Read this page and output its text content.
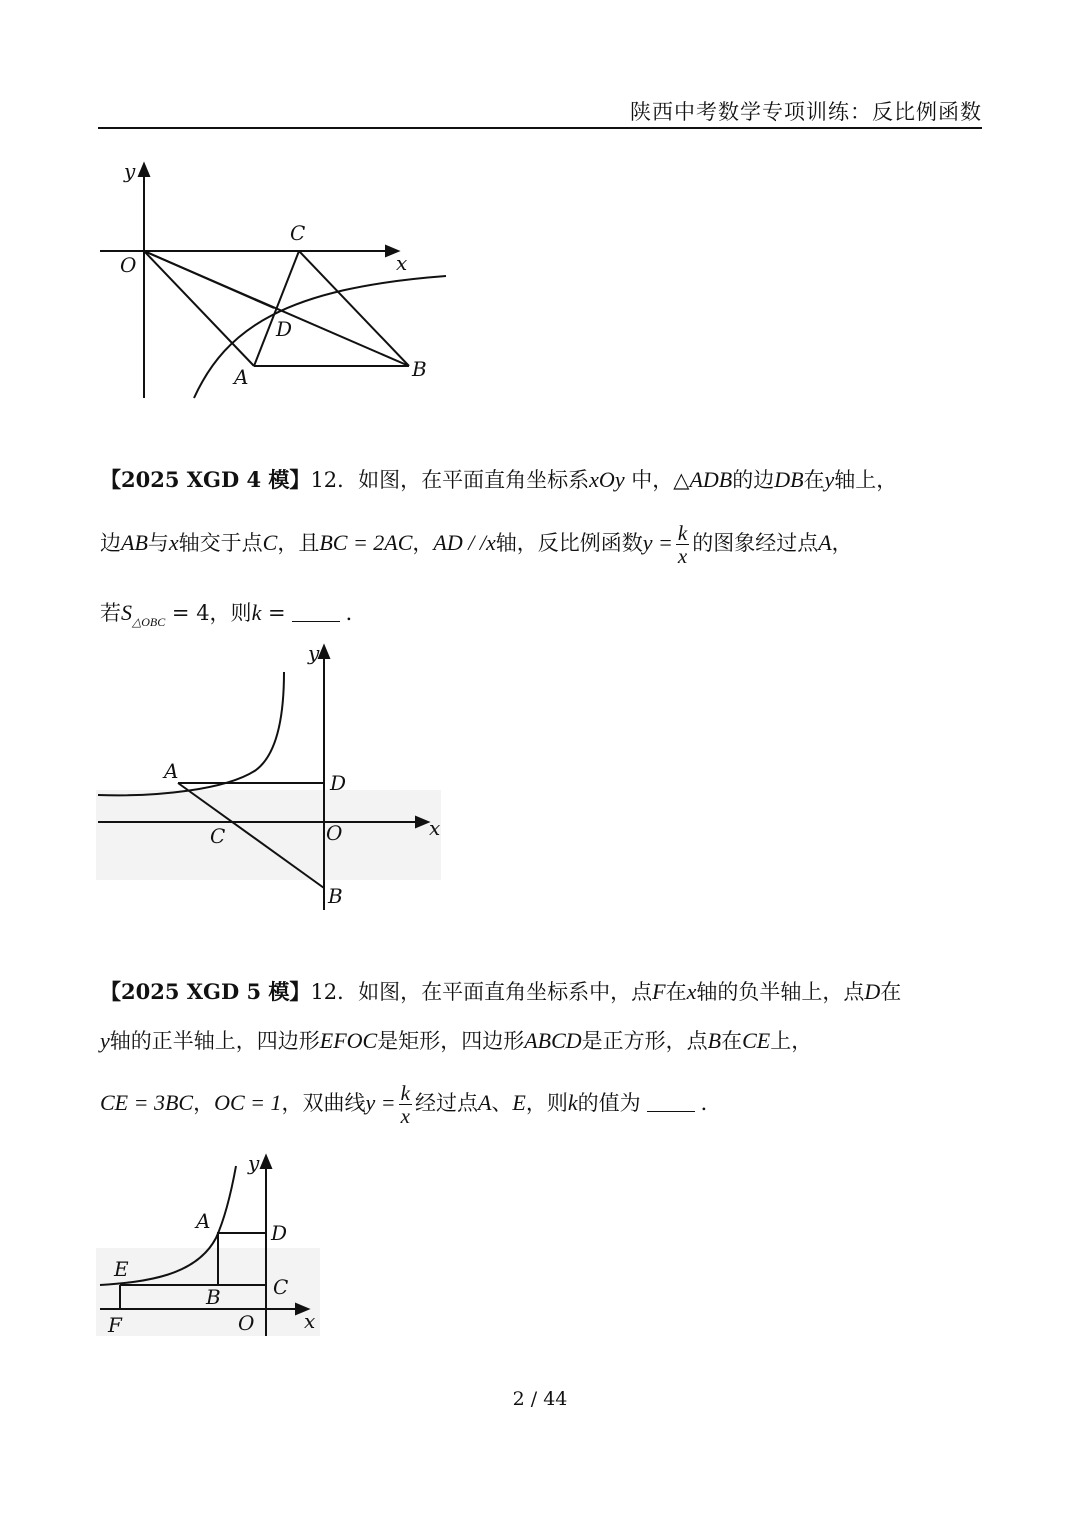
陕西中考数学专项训练：反比例函数
y
x
O
C
D
A	B
【2025 XGD 4 模】12．如图，在平面直角坐标系xOy 中，△ADB的边DB在y轴上，
边AB与x轴交于点C，且BC = 2AC，AD / /x轴，反比例函数$y = \frac{k}{x}$ 的图象经过点A，
若$S_{\triangle OBC} = 4$，则k =	．
y
x
A	D
C	O
B
【2025 XGD 5 模】12．如图，在平面直角坐标系中，点F在x轴的负半轴上，点D在
y轴的正半轴上，四边形EFOC是矩形，四边形ABCD是正方形，点B在CE上，
CE = 3BC，OC = 1，双曲线$y = \frac{k}{x}$ 经过点A、E，则k的值为	．
y
x
A	D
E
C
B
F	O
2 / 44
